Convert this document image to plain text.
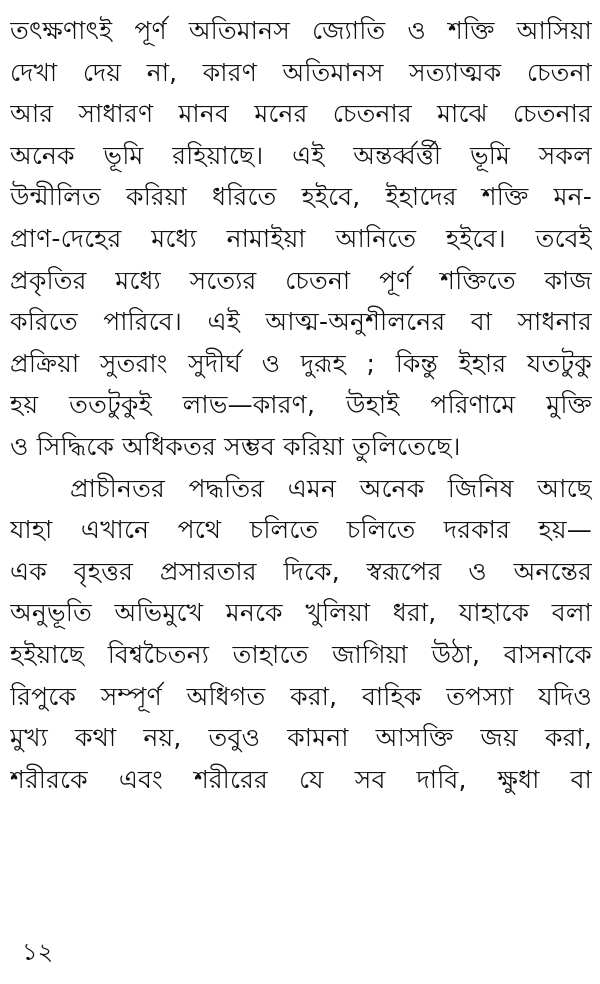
তৎক্ষণাৎই পূর্ণ অতিমানস জ্যোতি ও শক্তি আসিয়া
দেখা দেয় না, কারণ অতিমানস সত্যাত্মক চেতনা
আর সাধারণ মানব মনের চেতনার মাঝে চেতনার
অনেক ভূমি রহিয়াছে। এই অন্তর্ব্বর্ত্তী ভূমি সকল
উন্মীলিত করিয়া ধরিতে হইবে, ইহাদের শক্তি মন-
প্রাণ-দেহের মধ্যে নামাইয়া আনিতে হইবে। তবেই
প্রকৃতির মধ্যে সত্যের চেতনা পূর্ণ শক্তিতে কাজ
করিতে পারিবে। এই আত্ম-অনুশীলনের বা সাধনার
প্রক্রিয়া সুতরাং সুদীর্ঘ ও দুরূহ ; কিন্তু ইহার যতটুকু
হয় ততটুকুই লাভ—কারণ, উহাই পরিণামে মুক্তি
ও সিদ্ধিকে অধিকতর সম্ভব করিয়া তুলিতেছে।
প্রাচীনতর পদ্ধতির এমন অনেক জিনিষ আছে
যাহা এখানে পথে চলিতে চলিতে দরকার হয়—
এক বৃহত্তর প্রসারতার দিকে, স্বরূপের ও অনন্তের
অনুভূতি অভিমুখে মনকে খুলিয়া ধরা, যাহাকে বলা
হইয়াছে বিশ্বচৈতন্য তাহাতে জাগিয়া উঠা, বাসনাকে
রিপুকে সম্পূর্ণ অধিগত করা, বাহিক তপস্যা যদিও
মুখ্য কথা নয়, তবুও কামনা আসক্তি জয় করা,
শরীরকে এবং শরীরের যে সব দাবি, ক্ষুধা বা
১২
